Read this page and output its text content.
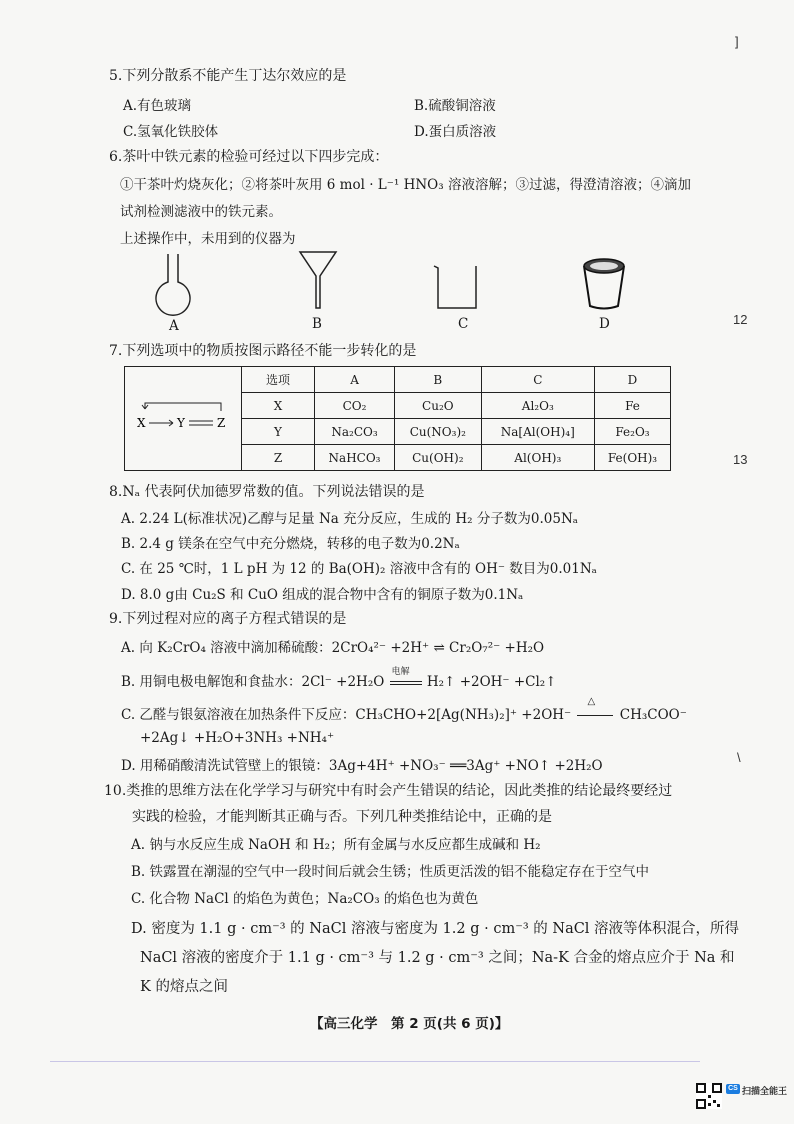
]
12
13
\
5.下列分散系不能产生丁达尔效应的是
A.有色玻璃	B.硫酸铜溶液
C.氢氧化铁胶体	D.蛋白质溶液
6.茶叶中铁元素的检验可经过以下四步完成：
①干茶叶灼烧灰化；②将茶叶灰用 6 mol · L⁻¹ HNO₃ 溶液溶解；③过滤，得澄清溶液；④滴加
试剂检测滤液中的铁元素。
上述操作中，未用到的仪器为
A	B	C	D
7.下列选项中的物质按图示路径不能一步转化的是
X Y Z	选项	A	B	C	D
	X	CO₂	Cu₂O	Al₂O₃	Fe
	Y	Na₂CO₃	Cu(NO₃)₂	Na[Al(OH)₄]	Fe₂O₃
	Z	NaHCO₃	Cu(OH)₂	Al(OH)₃	Fe(OH)₃
8.Nₐ 代表阿伏加德罗常数的值。下列说法错误的是
A. 2.24 L(标准状况)乙醇与足量 Na 充分反应，生成的 H₂ 分子数为0.05Nₐ
B. 2.4 g 镁条在空气中充分燃烧，转移的电子数为0.2Nₐ
C. 在 25 ℃时，1 L pH 为 12 的 Ba(OH)₂ 溶液中含有的 OH⁻ 数目为0.01Nₐ
D. 8.0 g由 Cu₂S 和 CuO 组成的混合物中含有的铜原子数为0.1Nₐ
9.下列过程对应的离子方程式错误的是
A. 向 K₂CrO₄ 溶液中滴加稀硫酸：2CrO₄²⁻ +2H⁺ ⇌ Cr₂O₇²⁻ +H₂O
B. 用铜电极电解饱和食盐水：2Cl⁻ +2H₂O
电解
H₂↑ +2OH⁻ +Cl₂↑
C. 乙醛与银氨溶液在加热条件下反应：CH₃CHO+2[Ag(NH₃)₂]⁺ +2OH⁻
△
CH₃COO⁻
+2Ag↓ +H₂O+3NH₃ +NH₄⁺
D. 用稀硝酸清洗试管壁上的银镜：3Ag+4H⁺ +NO₃⁻ ══3Ag⁺ +NO↑ +2H₂O
10.类推的思维方法在化学学习与研究中有时会产生错误的结论，因此类推的结论最终要经过
实践的检验，才能判断其正确与否。下列几种类推结论中，正确的是
A. 钠与水反应生成 NaOH 和 H₂；所有金属与水反应都生成碱和 H₂
B. 铁露置在潮湿的空气中一段时间后就会生锈；性质更活泼的铝不能稳定存在于空气中
C. 化合物 NaCl 的焰色为黄色；Na₂CO₃ 的焰色也为黄色
D. 密度为 1.1 g · cm⁻³ 的 NaCl 溶液与密度为 1.2 g · cm⁻³ 的 NaCl 溶液等体积混合，所得
NaCl 溶液的密度介于 1.1 g · cm⁻³ 与 1.2 g · cm⁻³ 之间；Na-K 合金的熔点应介于 Na 和
K 的熔点之间
【高三化学　第 2 页(共 6 页)】
CS 扫描全能王
